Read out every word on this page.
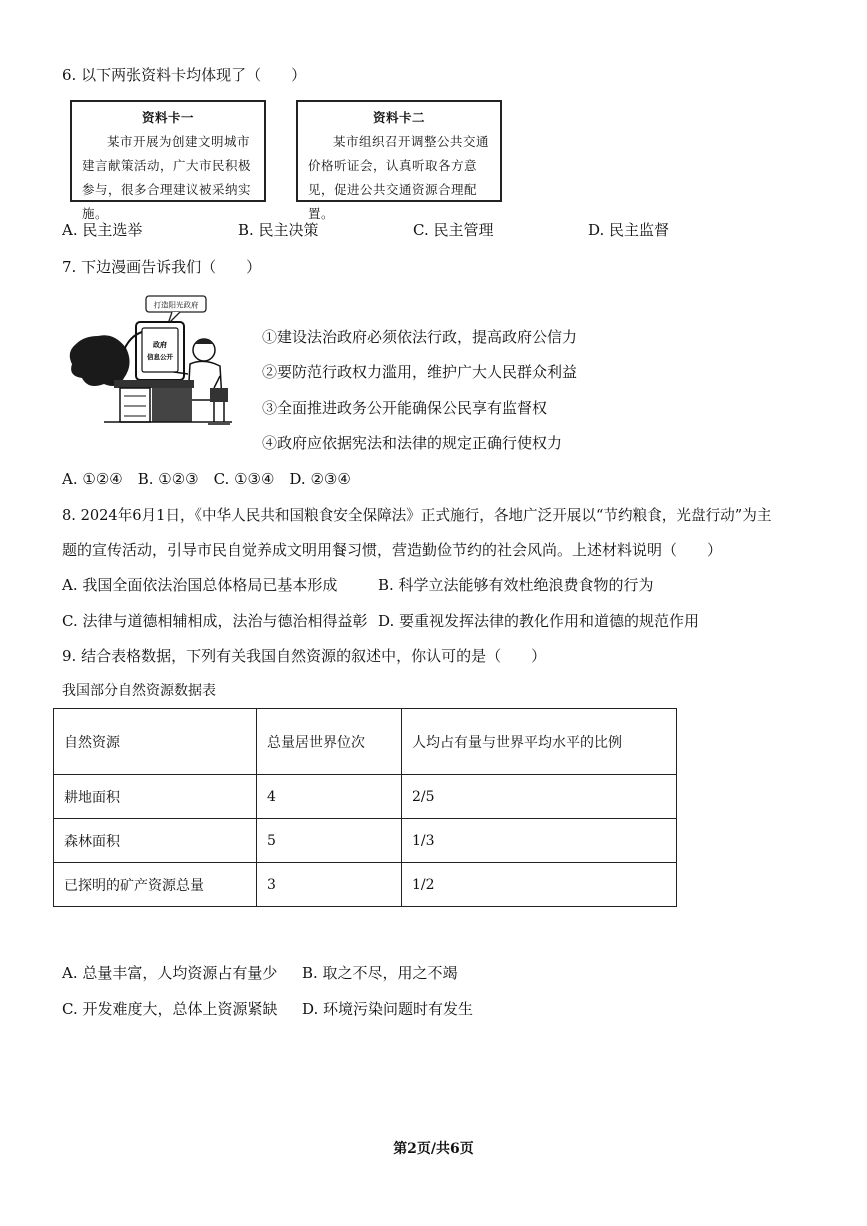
6. 以下两张资料卡均体现了（　　）
资料卡一
某市开展为创建文明城市建言献策活动，广大市民积极参与，很多合理建议被采纳实施。
资料卡二
某市组织召开调整公共交通价格听证会，认真听取各方意见，促进公共交通资源合理配置。
A. 民主选举	B. 民主决策	C. 民主管理	D. 民主监督
7. 下边漫画告诉我们（　　）
打造阳光政府
政府
信息公开
①建设法治政府必须依法行政，提高政府公信力
②要防范行政权力滥用，维护广大人民群众利益
③全面推进政务公开能确保公民享有监督权
④政府应依据宪法和法律的规定正确行使权力
A. ①②④　B. ①②③　C. ①③④　D. ②③④
8. 2024年6月1日，《中华人民共和国粮食安全保障法》正式施行，各地广泛开展以“节约粮食，光盘行动”为主
题的宣传活动，引导市民自觉养成文明用餐习惯，营造勤俭节约的社会风尚。上述材料说明（　　）
A. 我国全面依法治国总体格局已基本形成	B. 科学立法能够有效杜绝浪费食物的行为
C. 法律与道德相辅相成，法治与德治相得益彰 D. 要重视发挥法律的教化作用和道德的规范作用
9. 结合表格数据，下列有关我国自然资源的叙述中，你认可的是（　　）
我国部分自然资源数据表
自然资源	总量居世界位次	人均占有量与世界平均水平的比例
耕地面积	4	2/5
森林面积	5	1/3
已探明的矿产资源总量	3	1/2
A. 总量丰富，人均资源占有量少 B. 取之不尽，用之不竭
C. 开发难度大，总体上资源紧缺 D. 环境污染问题时有发生
第2页/共6页
